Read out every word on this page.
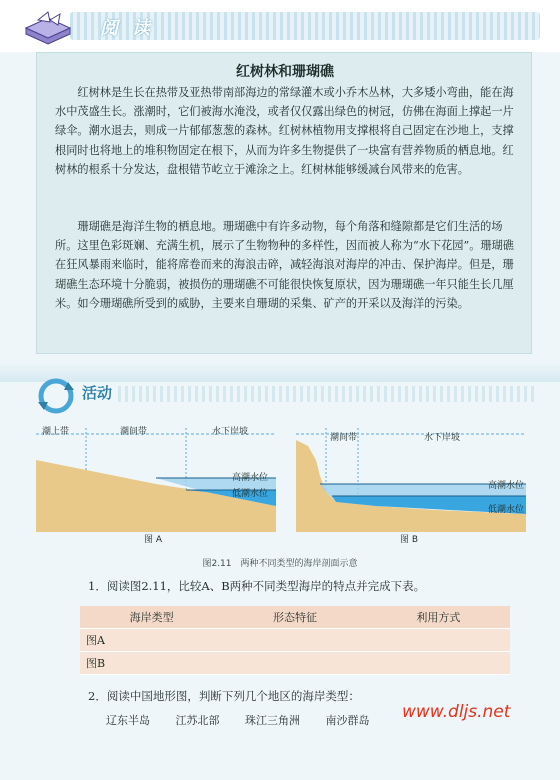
阅读
红树林和珊瑚礁

红树林是生长在热带及亚热带南部海边的常绿灌木或小乔木丛林，大多矮小弯曲，能在海水中茂盛生长。涨潮时，它们被海水淹没，或者仅仅露出绿色的树冠，仿佛在海面上撑起一片绿伞。潮水退去，则成一片郁郁葱葱的森林。红树林植物用支撑根将自己固定在沙地上，支撑根同时也将地上的堆积物固定在根下，从而为许多生物提供了一块富有营养物质的栖息地。红树林的根系十分发达，盘根错节屹立于滩涂之上。红树林能够缓减台风带来的危害。

珊瑚礁是海洋生物的栖息地。珊瑚礁中有许多动物，每个角落和缝隙都是它们生活的场所。这里色彩斑斓、充满生机，展示了生物物种的多样性，因而被人称为“水下花园”。珊瑚礁在狂风暴雨来临时，能将席卷而来的海浪击碎，减轻海浪对海岸的冲击、保护海岸。但是，珊瑚礁生态环境十分脆弱，被损伤的珊瑚礁不可能很快恢复原状，因为珊瑚礁一年只能生长几厘米。如今珊瑚礁所受到的威胁，主要来自珊瑚的采集、矿产的开采以及海洋的污染。

活动
潮上带	潮间带	水下岸坡
高潮水位
低潮水位
图 A
潮间带	水下岸坡
高潮水位
低潮水位
图 B
图2.11　两种不同类型的海岸剖面示意
1．阅读图2.11，比较A、B两种不同类型海岸的特点并完成下表。
海岸类型	形态特征	利用方式
图A		
图B		
2．阅读中国地形图，判断下列几个地区的海岸类型：
辽东半岛 江苏北部 珠江三角洲 南沙群岛	www.dljs.net
